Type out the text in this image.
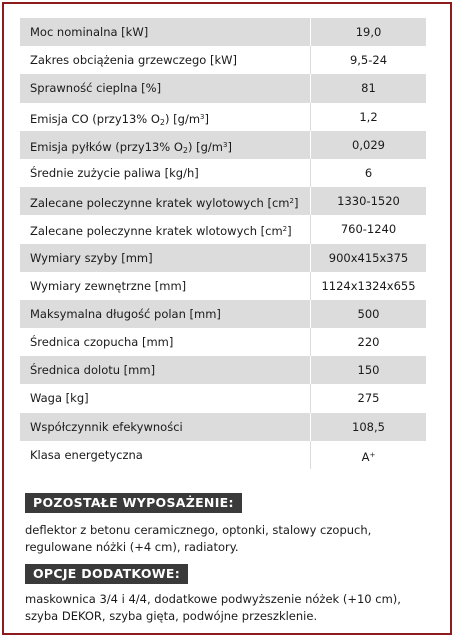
Moc nominalna [kW]	19,0
Zakres obciążenia grzewczego [kW]	9,5-24
Sprawność cieplna [%]	81
Emisja CO (przy13% $O_2$) $[g/m^3]$	1,2
Emisja pyłków (przy13% $O_2$) $[g/m^3]$	0,029
Średnie zużycie paliwa [kg/h]	6
Zalecane poleczynne kratek wylotowych $[cm^2]$	1330-1520
Zalecane poleczynne kratek wlotowych $[cm^2]$	760-1240
Wymiary szyby [mm]	900x415x375
Wymiary zewnętrzne [mm]	1124x1324x655
Maksymalna długość polan [mm]	500
Średnica czopucha [mm]	220
Średnica dolotu [mm]	150
Waga [kg]	275
Współczynnik efekywności	108,5
Klasa energetyczna	A+
POZOSTAŁE WYPOSAŻENIE:
deflektor z betonu ceramicznego, optonki, stalowy czopuch,
regulowane nóżki (+4 cm), radiatory.
OPCJE DODATKOWE:
maskownica 3/4 i 4/4, dodatkowe podwyższenie nóżek (+10 cm),
szyba DEKOR, szyba gięta, podwójne przeszklenie.
